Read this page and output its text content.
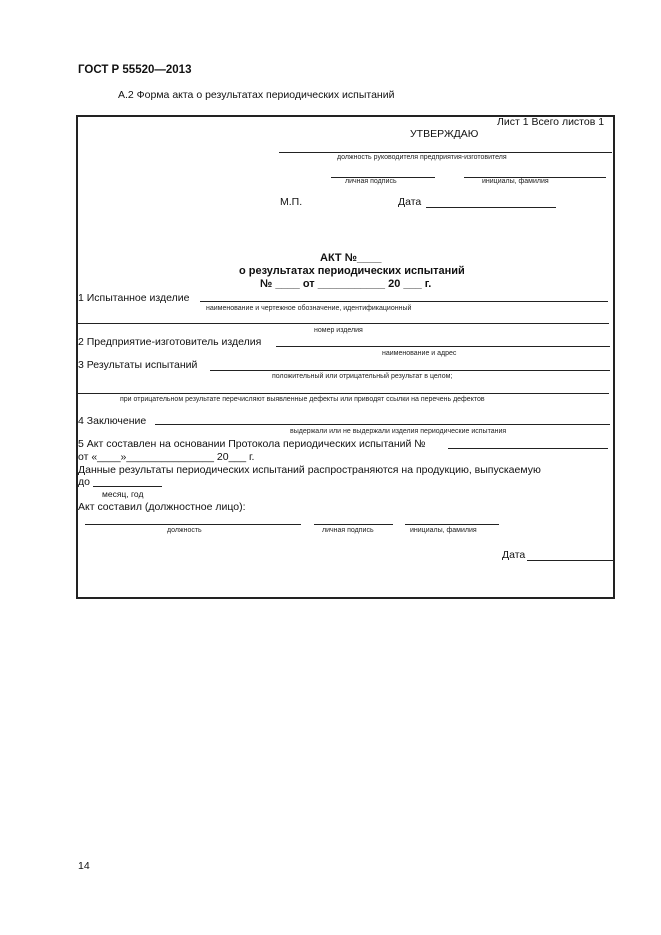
ГОСТ Р 55520—2013
А.2 Форма акта о результатах периодических испытаний
Лист 1 Всего листов 1
УТВЕРЖДАЮ
должность руководителя предприятия-изготовителя
личная подпись	инициалы, фамилия
М.П.	Дата
АКТ №____
о результатах периодических испытаний
№ ____ от ___________ 20 ___ г.
1 Испытанное изделие
наименование и чертежное обозначение, идентификационный
номер изделия
2 Предприятие-изготовитель изделия
наименование и адрес
3 Результаты испытаний
положительный или отрицательный результат в целом;
при отрицательном результате перечисляют выявленные дефекты или приводят ссылки на перечень дефектов
4 Заключение
выдержали или не выдержали изделия периодические испытания
5 Акт составлен на основании Протокола периодических испытаний №
от «____»_______________ 20___ г.
Данные результаты периодических испытаний распространяются на продукцию, выпускаемую
до
месяц, год
Акт составил (должностное лицо):
должность	личная подпись	инициалы, фамилия
Дата
14
